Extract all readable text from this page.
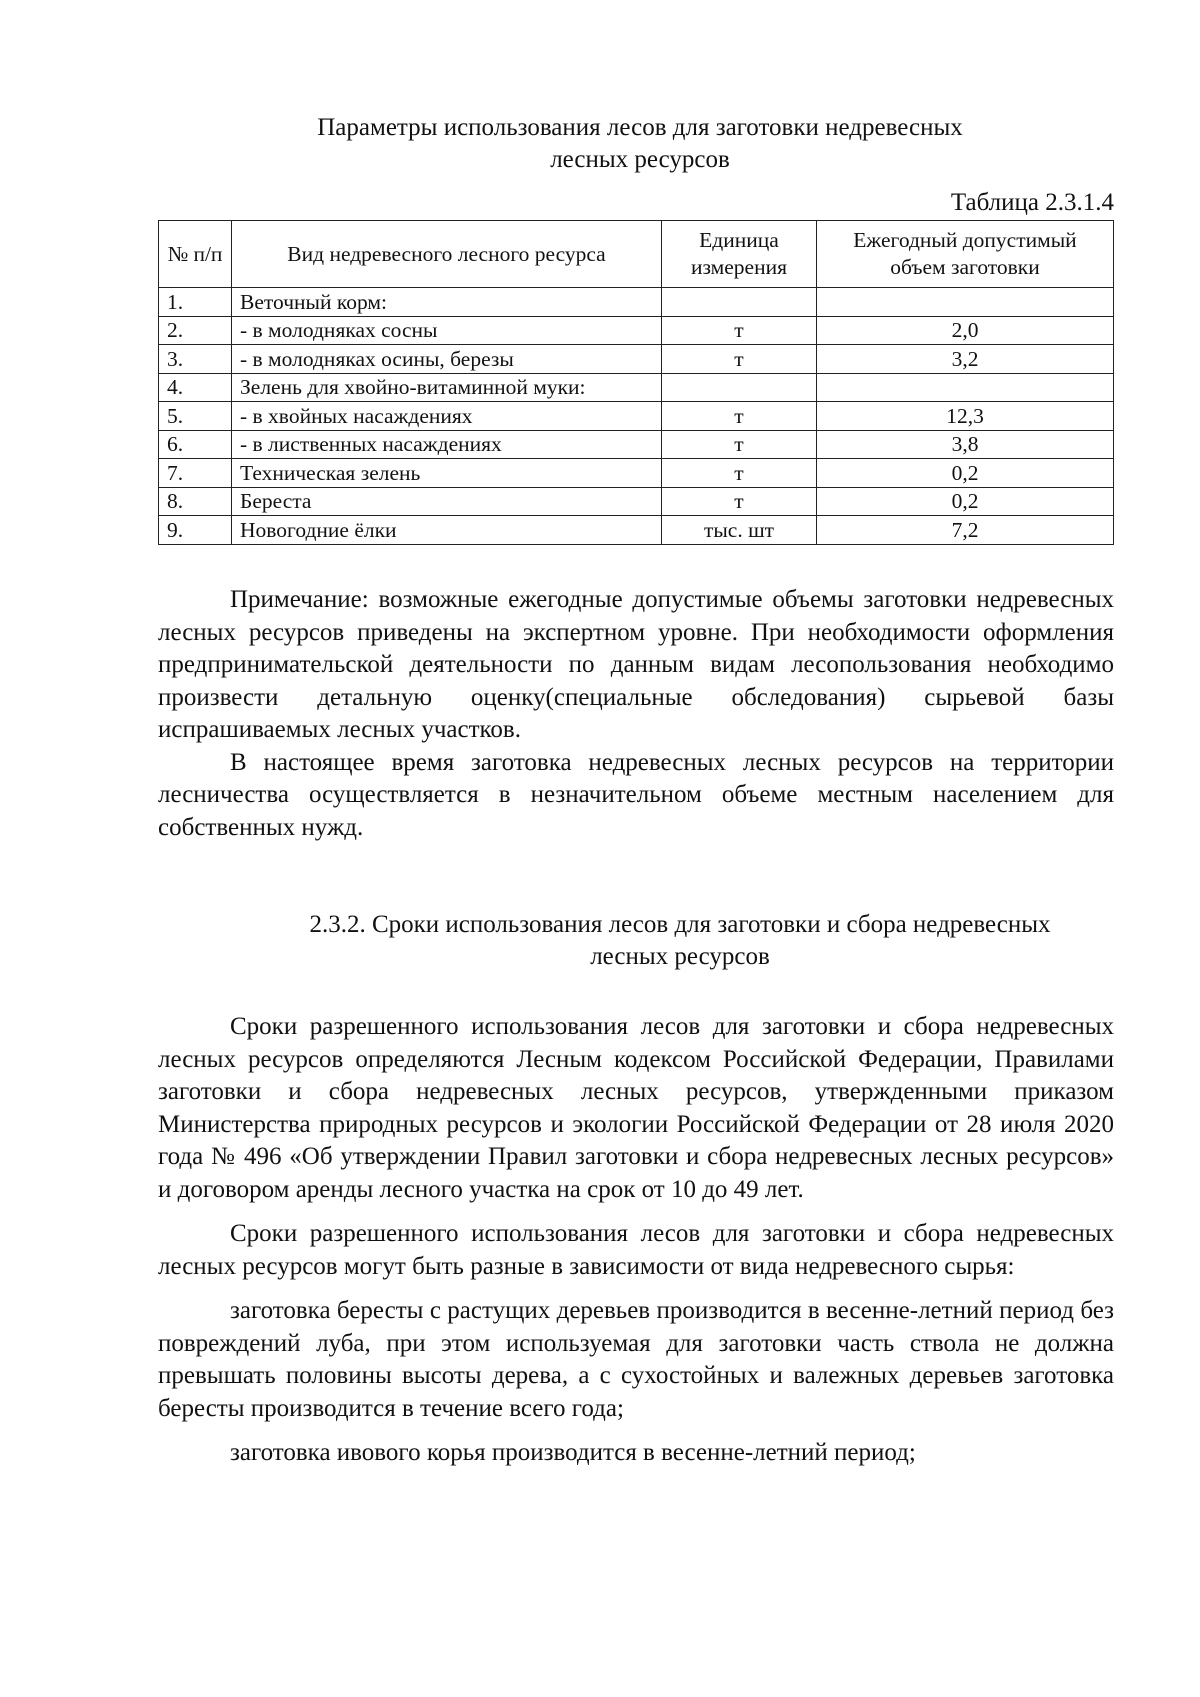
Параметры использования лесов для заготовки недревесных
лесных ресурсов
Таблица 2.3.1.4
№ п/п	Вид недревесного лесного ресурса	Единица измерения	Ежегодный допустимый объем заготовки
1.	Веточный корм:		
2.	- в молодняках сосны	т	2,0
3.	- в молодняках осины, березы	т	3,2
4.	Зелень для хвойно-витаминной муки:		
5.	- в хвойных насаждениях	т	12,3
6.	- в лиственных насаждениях	т	3,8
7.	Техническая зелень	т	0,2
8.	Береста	т	0,2
9.	Новогодние ёлки	тыс. шт	7,2

Примечание: возможные ежегодные допустимые объемы заготовки недревесных лесных ресурсов приведены на экспертном уровне. При необходимости оформления предпринимательской деятельности по данным видам лесопользования необходимо произвести детальную оценку(специальные обследования) сырьевой базы испрашиваемых лесных участков.

В настоящее время заготовка недревесных лесных ресурсов на территории лесничества осуществляется в незначительном объеме местным населением для собственных нужд.

2.3.2. Сроки использования лесов для заготовки и сбора недревесных
лесных ресурсов

Сроки разрешенного использования лесов для заготовки и сбора недревесных лесных ресурсов определяются Лесным кодексом Российской Федерации, Правилами заготовки и сбора недревесных лесных ресурсов, утвержденными приказом Министерства природных ресурсов и экологии Российской Федерации от 28 июля 2020 года № 496 «Об утверждении Правил заготовки и сбора недревесных лесных ресурсов» и договором аренды лесного участка на срок от 10 до 49 лет.

Сроки разрешенного использования лесов для заготовки и сбора недревесных лесных ресурсов могут быть разные в зависимости от вида недревесного сырья:

заготовка бересты с растущих деревьев производится в весенне-летний период без повреждений луба, при этом используемая для заготовки часть ствола не должна превышать половины высоты дерева, а с сухостойных и валежных деревьев заготовка бересты производится в течение всего года;

заготовка ивового корья производится в весенне-летний период;
